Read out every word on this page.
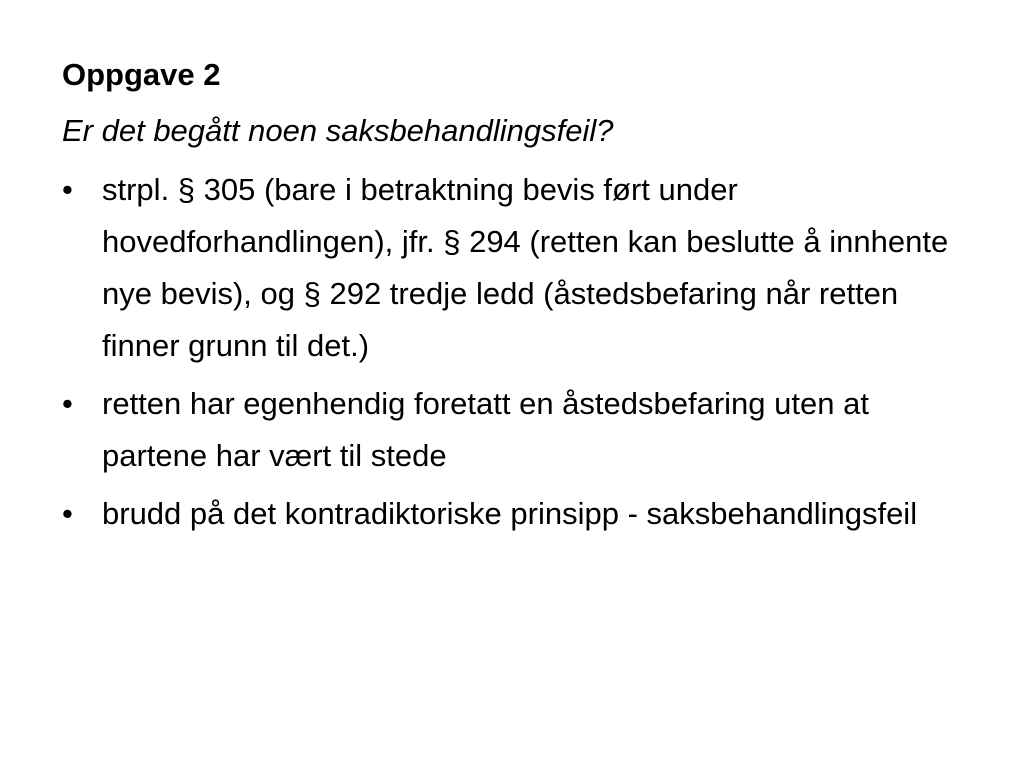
Oppgave 2

Er det begått noen saksbehandlingsfeil?

• strpl. § 305 (bare i betraktning bevis ført under hovedforhandlingen), jfr. § 294 (retten kan beslutte å innhente nye bevis), og § 292 tredje ledd (åstedsbefaring når retten finner grunn til det.)
• retten har egenhendig foretatt en åstedsbefaring uten at partene har vært til stede
• brudd på det kontradiktoriske prinsipp - saksbehandlingsfeil
